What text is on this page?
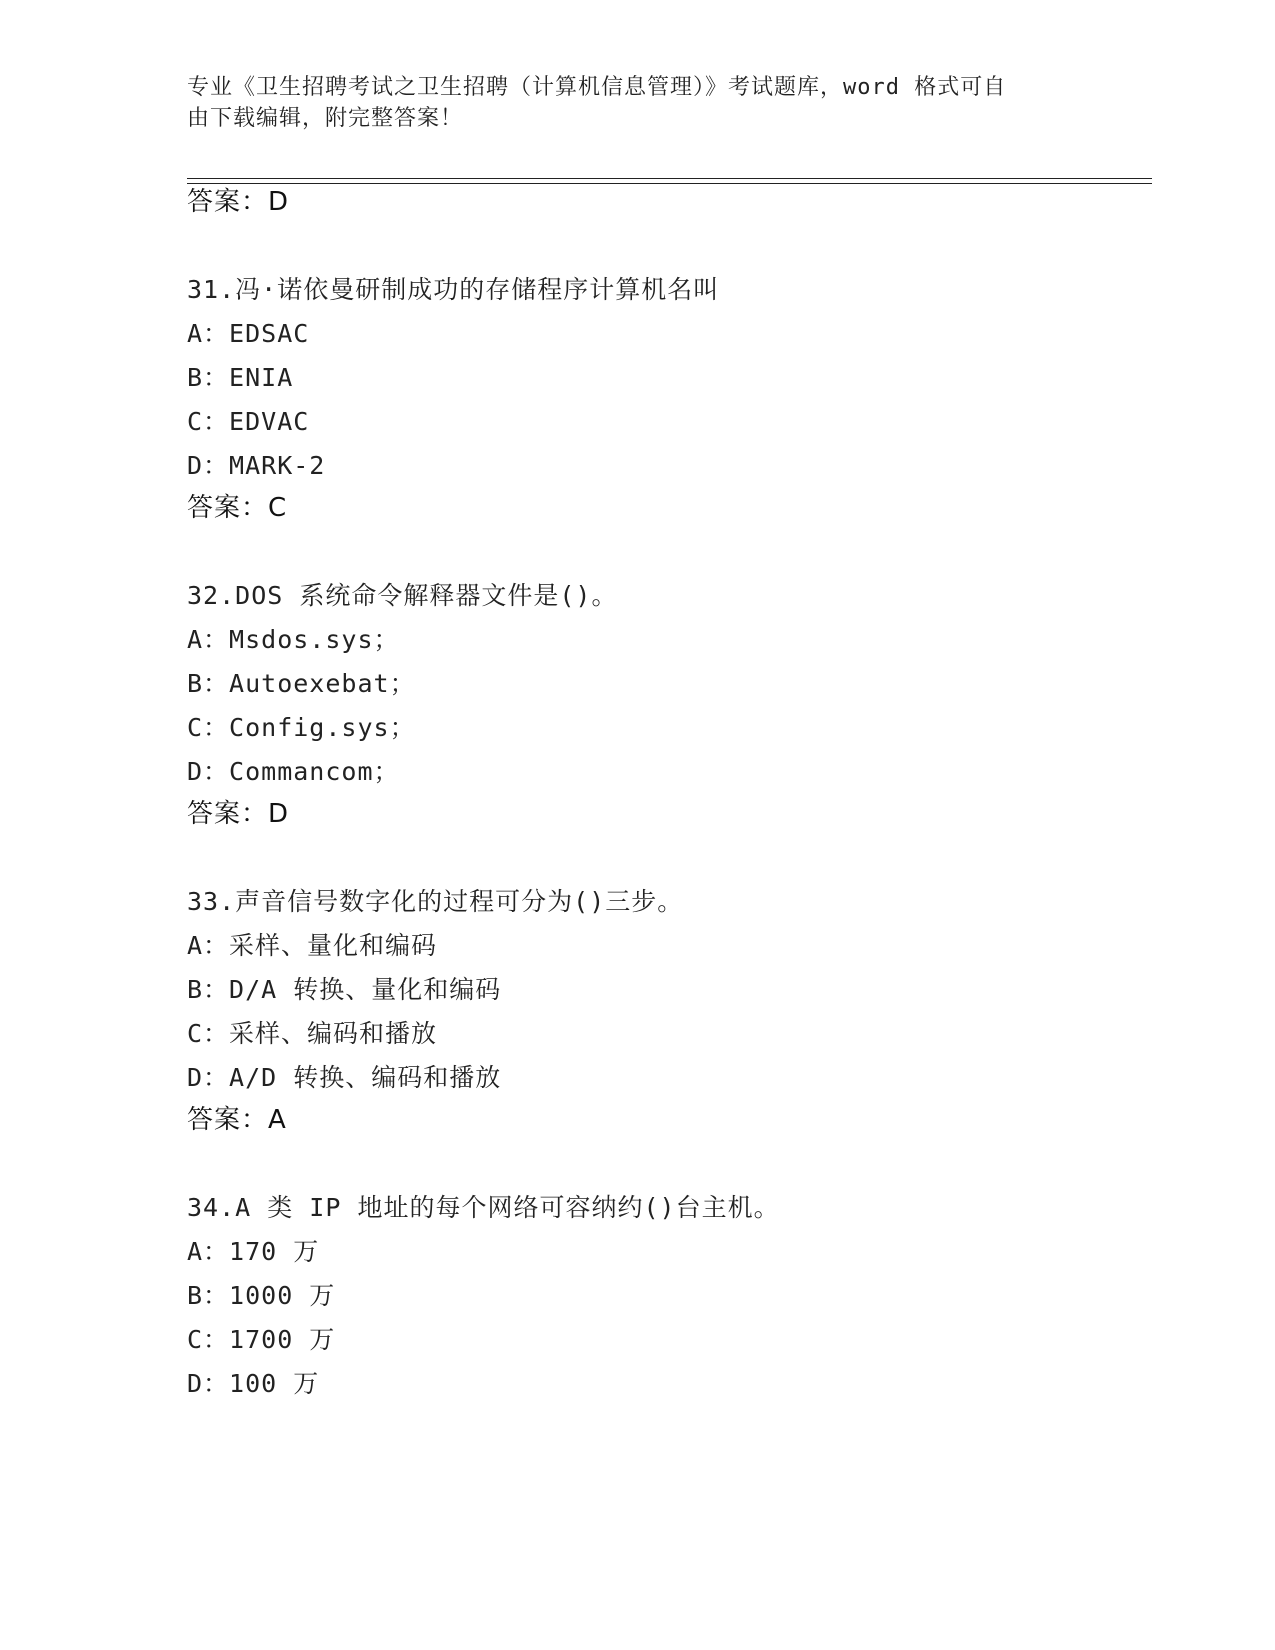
专业《卫生招聘考试之卫生招聘（计算机信息管理）》考试题库，word 格式可自
由下载编辑，附完整答案！
答案：D
31.冯·诺依曼研制成功的存储程序计算机名叫
A：EDSAC
B：ENIA
C：EDVAC
D：MARK-2
答案：C
32.DOS 系统命令解释器文件是()。
A：Msdos.sys；
B：Autoexebat；
C：Config.sys；
D：Commancom；
答案：D
33.声音信号数字化的过程可分为()三步。
A：采样、量化和编码
B：D/A 转换、量化和编码
C：采样、编码和播放
D：A/D 转换、编码和播放
答案：A
34.A 类 IP 地址的每个网络可容纳约()台主机。
A：170 万
B：1000 万
C：1700 万
D：100 万
